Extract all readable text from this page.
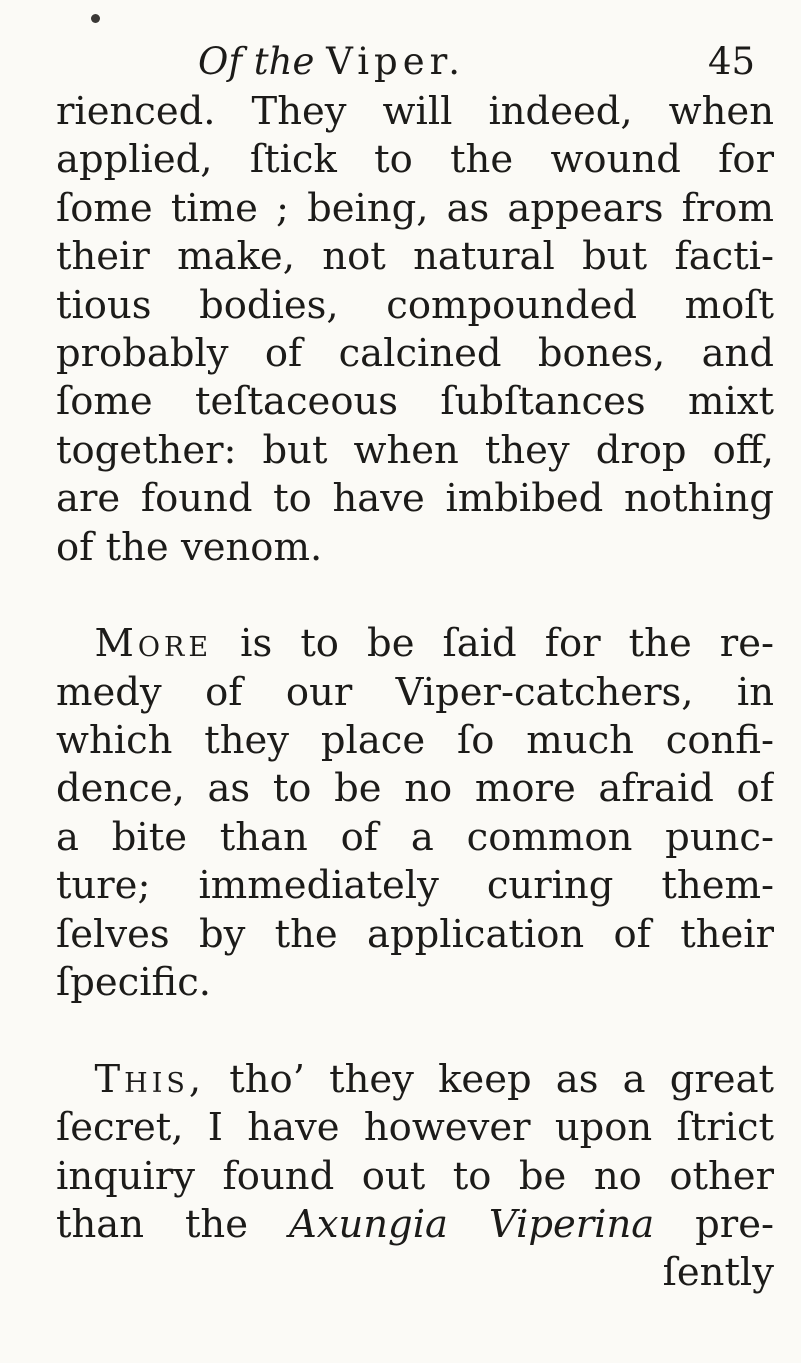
Of the Viper.	45
rienced. They will indeed, when
applied, ſtick to the wound for
ſome time ; being, as appears from
their make, not natural but facti-
tious bodies, compounded moſt
probably of calcined bones, and
ſome teſtaceous ſubſtances mixt
together: but when they drop off,
are found to have imbibed nothing
of the venom.
 More is to be ſaid for the re-
medy of our Viper-catchers, in
which they place ſo much confi-
dence, as to be no more afraid of
a bite than of a common punc-
ture; immediately curing them-
ſelves by the application of their
ſpecific.
 This, tho’ they keep as a great
ſecret, I have however upon ſtrict
inquiry found out to be no other
than the Axungia Viperina pre-
ſently
